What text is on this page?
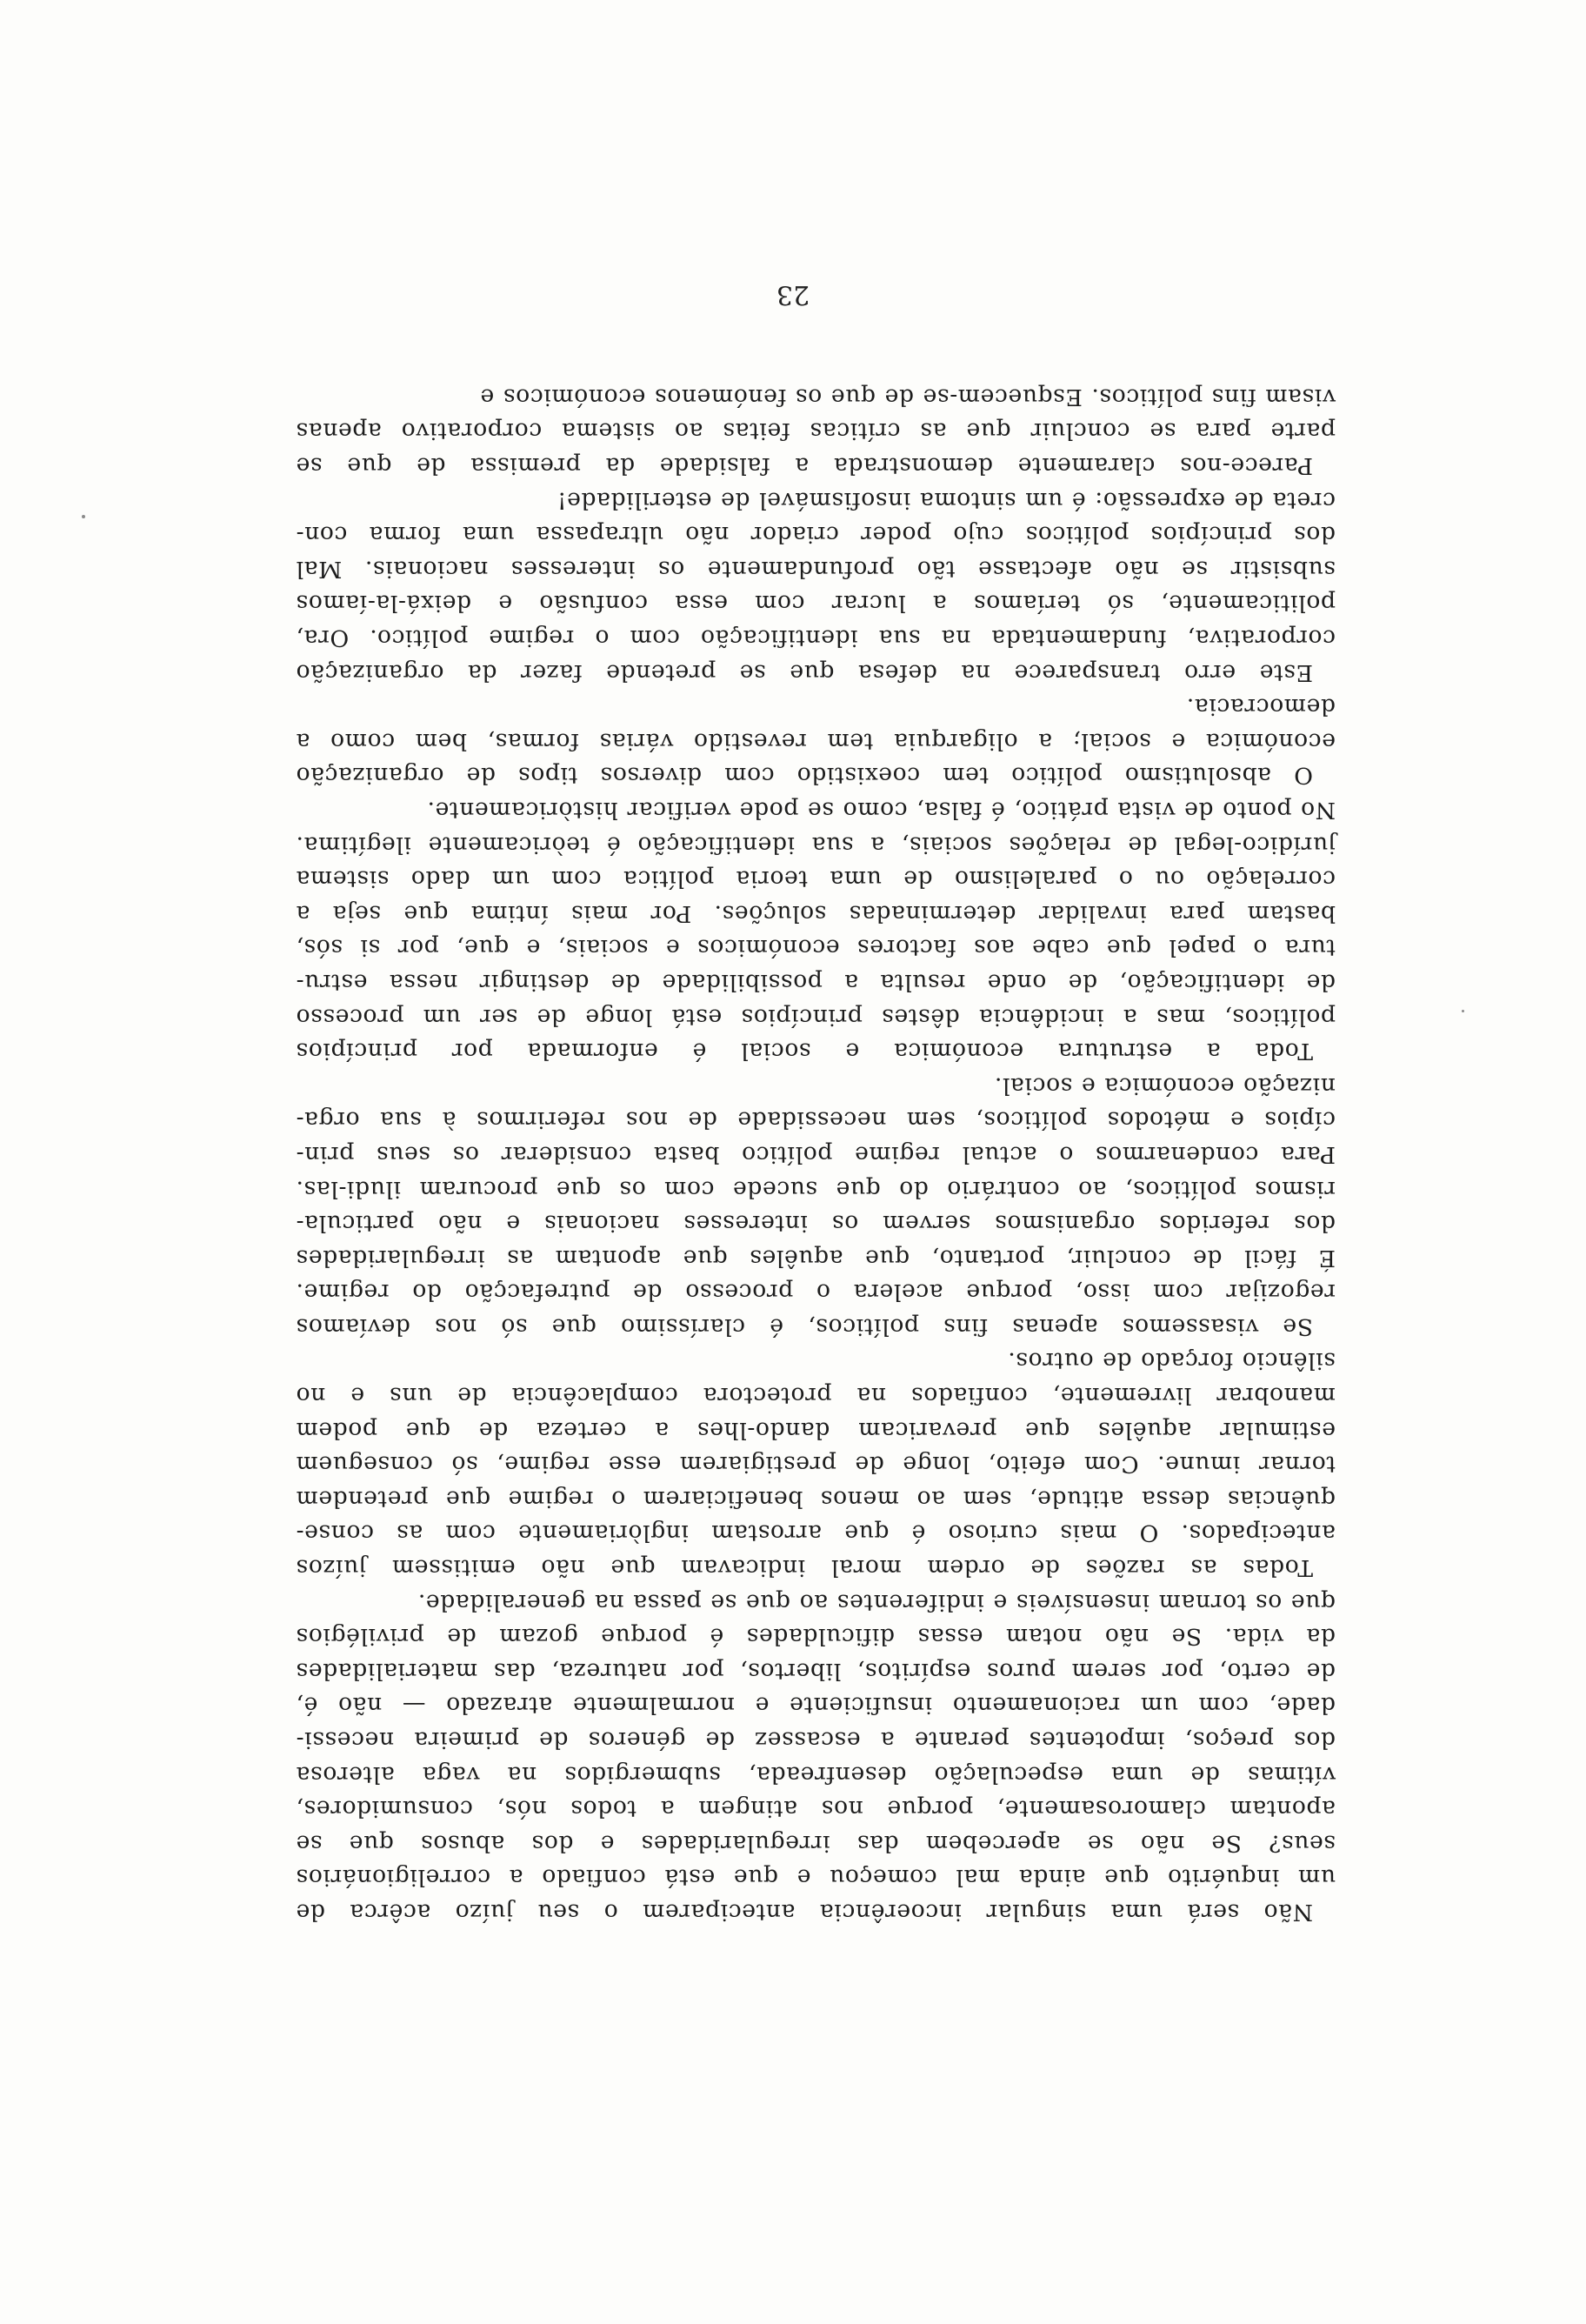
Não será uma singular incoerência anteciparem o seu juízo acêrca de
um inquérito que ainda mal começou e que está confiado a correligionários
seus? Se não se apercebem das irregularidades e dos abusos que se
apontam clamorosamente, porque nos atingem a todos nós, consumidores,
vítimas de uma especulação desenfreada, submergidos na vaga alterosa
dos preços, impotentes perante a escassez de géneros de primeira necessi-
dade, com um racionamento insuficiente e normalmente atrazado — não é,
de certo, por serem puros espíritos, libertos, por natureza, das materialidades
da vida. Se não notam essas dificuldades é porque gozam de privilégios
que os tornam insensíveis e indiferentes ao que se passa na generalidade.
Todas as razões de ordem moral indicavam que não emitissem juízos
antecipados. O mais curioso é que arrostam inglòriamente com as conse-
quências dessa atitude, sem ao menos beneficiarem o regime que pretendem
tornar imune. Com efeito, longe de prestigiarem esse regime, só conseguem
estimular aquêles que prevaricam dando-lhes a certeza de que podem
manobrar livremente, confiados na protectora complacência de uns e no
silêncio forçado de outros.
Se visassemos apenas fins políticos, é claríssimo que só nos devíamos
regozijar com isso, porque acelera o processo de putrefacção do regime.
É fácil de concluir, portanto, que aquêles que apontam as irregularidades
dos referidos organismos servem os interesses nacionais e não particula-
rismos políticos, ao contrário do que sucede com os que procuram iludi-las.
Para condenarmos o actual regime político basta considerar os seus prin-
cípios e métodos políticos, sem necessidade de nos referirmos à sua orga-
nização económica e social.
Toda a estrutura económica e social é enformada por princípios
políticos, mas a incidência dêstes princípios está longe de ser um processo
de identificação, de onde resulta a possibilidade de destingir nessa estru-
tura o papel que cabe aos factores económicos e sociais, e que, por si sós,
bastam para invalidar determinadas soluções. Por mais íntima que seja a
correlação ou o paralelismo de uma teoria política com um dado sistema
jurídico-legal de relações sociais, a sua identificação é teòricamente ilegítima.
No ponto de vista prático, é falsa, como se pode verificar històricamente.
O absolutismo político tem coexistido com diversos tipos de organização
económica e social; a oligarquia tem revestido várias formas, bem como a
democracia.
Este erro transparece na defesa que se pretende fazer da organização
corporativa, fundamentada na sua identificação com o regime político. Ora,
politicamente, só teríamos a lucrar com essa confusão e deixá-la-íamos
subsistir se não afectasse tão profundamente os interesses nacionais. Mal
dos princípios políticos cujo poder criador não ultrapassa uma forma con-
creta de expressão: é um sintoma insofismável de esterilidade!
Parece-nos claramente demonstrada a falsidade da premissa de que se
parte para se concluir que as críticas feitas ao sistema corporativo apenas
visam fins políticos. Esquecem-se de que os fenómenos económicos e
23
